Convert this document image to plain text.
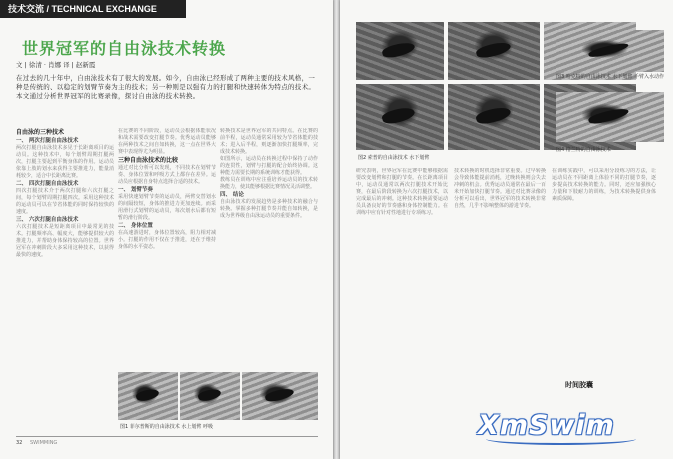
技术交流 / TECHNICAL EXCHANGE
世界冠军的自由泳技术转换
文 | 徐清 · 肖娜 译 | 赵新霞
在过去的几十年中，自由泳技术有了很大的发展。如今，自由泳已经形成了两种主要的技术风格，一种是传统的、以稳定的划臂节奏为主的技术；另一种则是以强有力的打腿和快速转体为特点的技术。本文通过分析世界冠军的比赛录像，探讨自由泳的技术转换。

自由泳的三种技术

一、 两次打腿自由泳技术

两次打腿自由泳技术多见于长距离项目的运动员。这种技术中，每个划臂周期打腿两次，打腿主要起到平衡身体的作用。运动员依靠上肢的划水来获得主要推进力，能量消耗较少，适合中长距离比赛。

二、 四次打腿自由泳技术

四次打腿技术介于两次打腿和六次打腿之间，每个划臂周期打腿四次。采用这种技术的运动员可以在节省体能的同时保持较快的速度。

三、 六次打腿自由泳技术

六次打腿技术是短距离项目中最常见的技术。打腿频率高、幅度大，能够提供较大的推进力，并帮助身体保持较高的位置。世界冠军在冲刺阶段大多采用这种技术，以获得最快的速度。

在比赛的不同阶段，运动员会根据体能状况和战术需要改变打腿节奏。优秀运动员能够在两种技术之间自如转换，这一点在世界大赛中表现得尤为明显。

三种自由泳技术的比较

通过对比分析可以发现，不同技术在划臂节奏、身体位置和呼吸方式上都存在差异。运动员应根据自身特点选择合适的技术。

一、 划臂节奏

采用快速划臂节奏的运动员，两臂交替划水的间隔较短，身体的推进力更加连续。而采用滑行式划臂的运动员，每次划水后都有短暂的滑行阶段。

二、 身体位置

在高速游进时，身体位置较高，阻力相对减小。打腿的作用不仅在于推进，还在于维持身体的水平姿态。

转换技术是世界冠军的共同特点。在比赛的前半程，运动员通常采用较为节省体能的技术；进入后半程，则逐渐加快打腿频率，完成技术转换。

如图所示，运动员在转换过程中保持了动作的连贯性，划臂与打腿的配合始终协调。这种能力需要长期的系统训练才能获得。

教练员在训练中应注重培养运动员的技术转换能力，使其能够根据比赛情况灵活调整。

四、 结论

自由泳技术的发展趋势是多种技术的融合与转换。掌握多种打腿节奏并能自如转换，是成为世界级自由泳运动员的重要条件。

图1 菲尔普斯的自由泳技术 水上划臂 呼吸
32 SWIMMING
图2 索普的自由泳技术 水下划臂

研究表明，世界冠军在比赛中能够根据需要改变划臂和打腿的节奏。在长距离项目中，运动员通常以两次打腿技术开始比赛，在最后阶段转换为六次打腿技术，以完成最后的冲刺。这种技术转换需要运动员具备良好的节奏感和身体控制能力。在训练中应有针对性地进行专项练习。

技术转换的时机选择非常重要。过早转换会导致体能提前消耗，过晚转换则会失去冲刺的机会。优秀运动员通常在最后一百米开始加快打腿节奏。通过对比赛录像的分析可以看出，世界冠军的技术转换非常自然，几乎不影响整体的游进节奏。

在训练实践中，可以采用分段练习的方法，让运动员在不同距离上体验不同的打腿节奏，逐步提高技术转换的能力。同时，还应加强核心力量和下肢耐力的训练，为技术转换提供身体素质保障。

图3 哈克特的自由泳技术 水下划臂 手臂入水动作
图4 格兰特的自由泳技术
时间胶囊
XmSwim
